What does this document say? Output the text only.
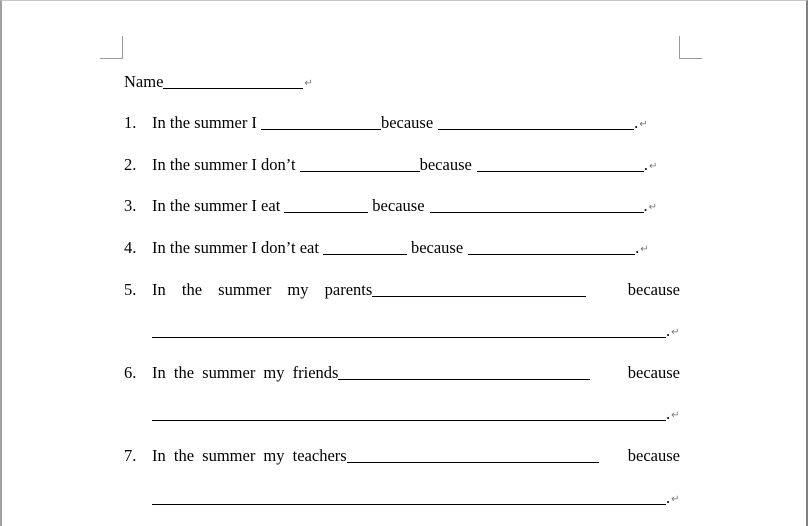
Name	↵
1. In the summer I	because	. ↵
2. In the summer I don’t	because	. ↵
3. In the summer I eat	because	. ↵
4. In the summer I don’t eat	because	. ↵
5. In the summer my parents	because
. ↵
6. In the summer my friends	because
. ↵
7. In the summer my teachers	because
. ↵
